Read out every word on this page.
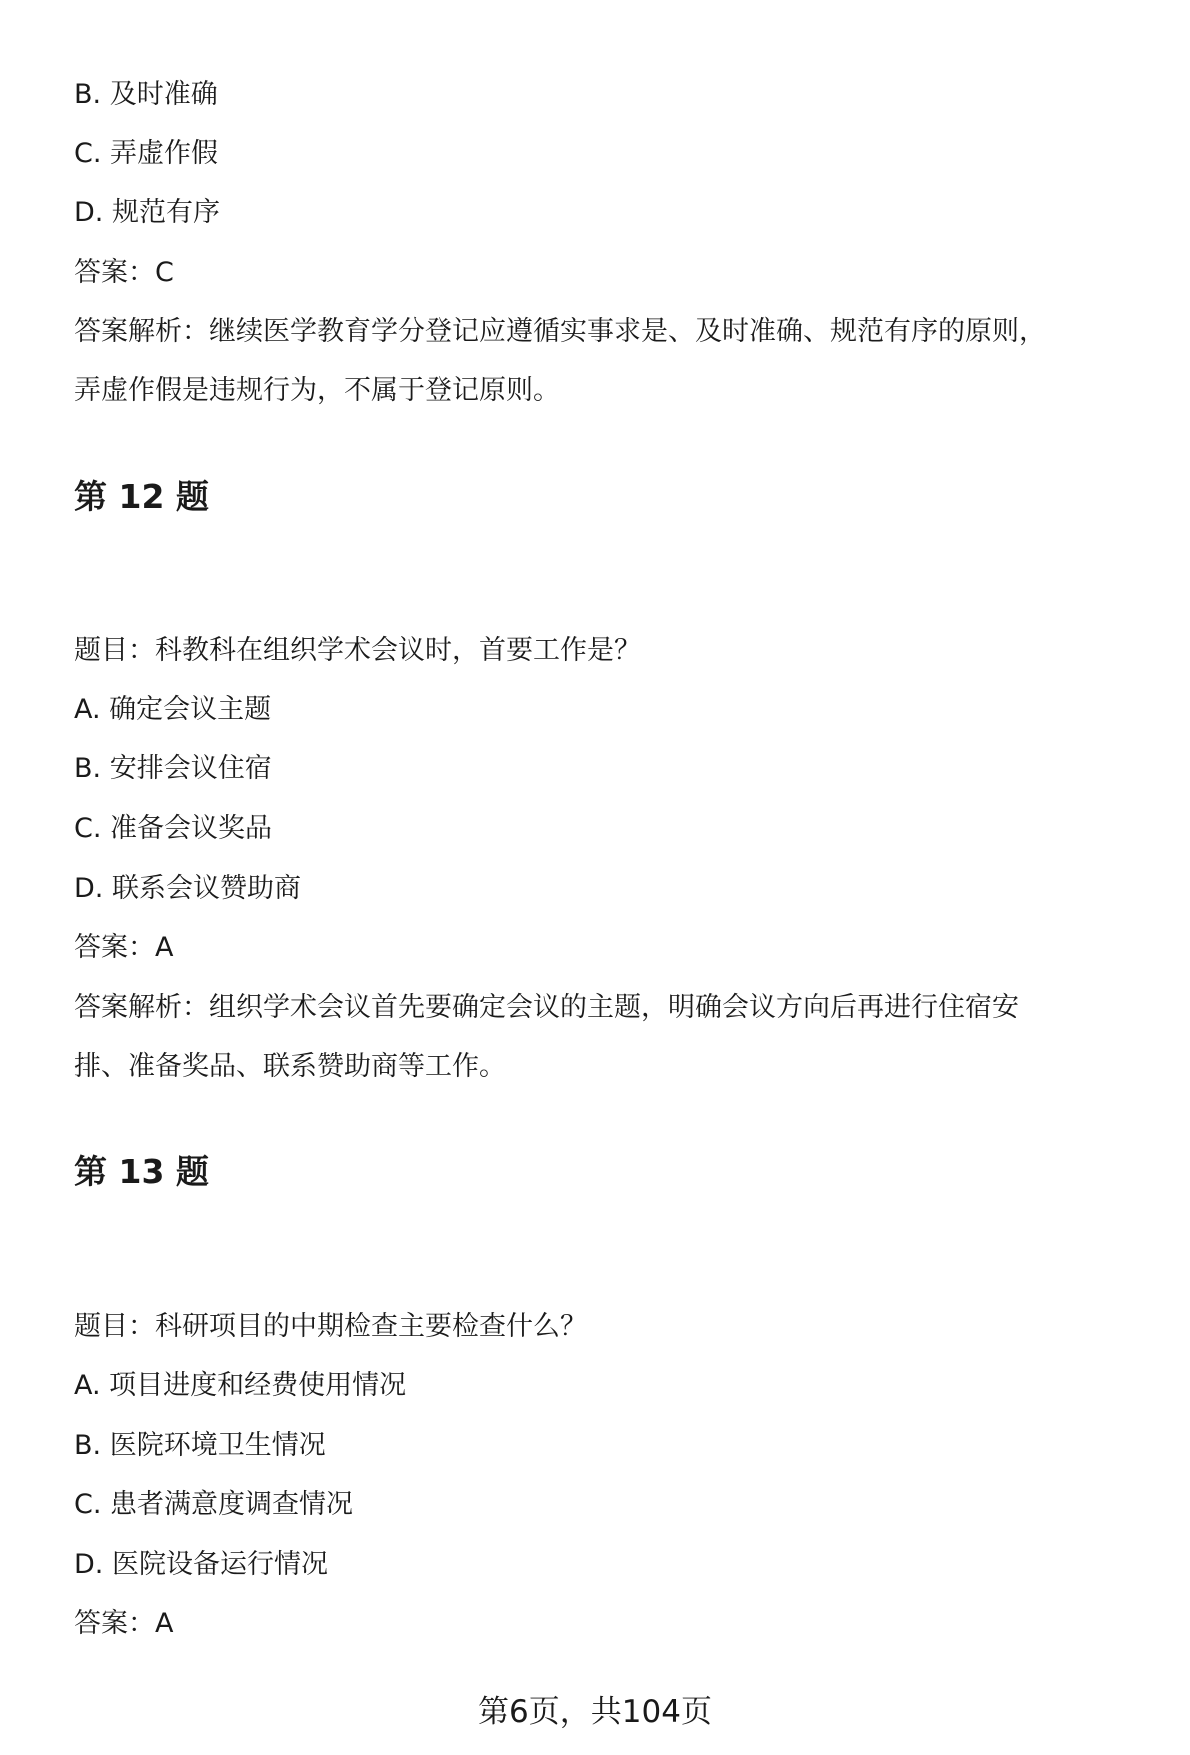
B. 及时准确
C. 弄虚作假
D. 规范有序
答案：C
答案解析：继续医学教育学分登记应遵循实事求是、及时准确、规范有序的原则，
弄虚作假是违规行为，不属于登记原则。
第 12 题
题目：科教科在组织学术会议时，首要工作是？
A. 确定会议主题
B. 安排会议住宿
C. 准备会议奖品
D. 联系会议赞助商
答案：A
答案解析：组织学术会议首先要确定会议的主题，明确会议方向后再进行住宿安
排、准备奖品、联系赞助商等工作。
第 13 题
题目：科研项目的中期检查主要检查什么？
A. 项目进度和经费使用情况
B. 医院环境卫生情况
C. 患者满意度调查情况
D. 医院设备运行情况
答案：A
第6页，共104页
